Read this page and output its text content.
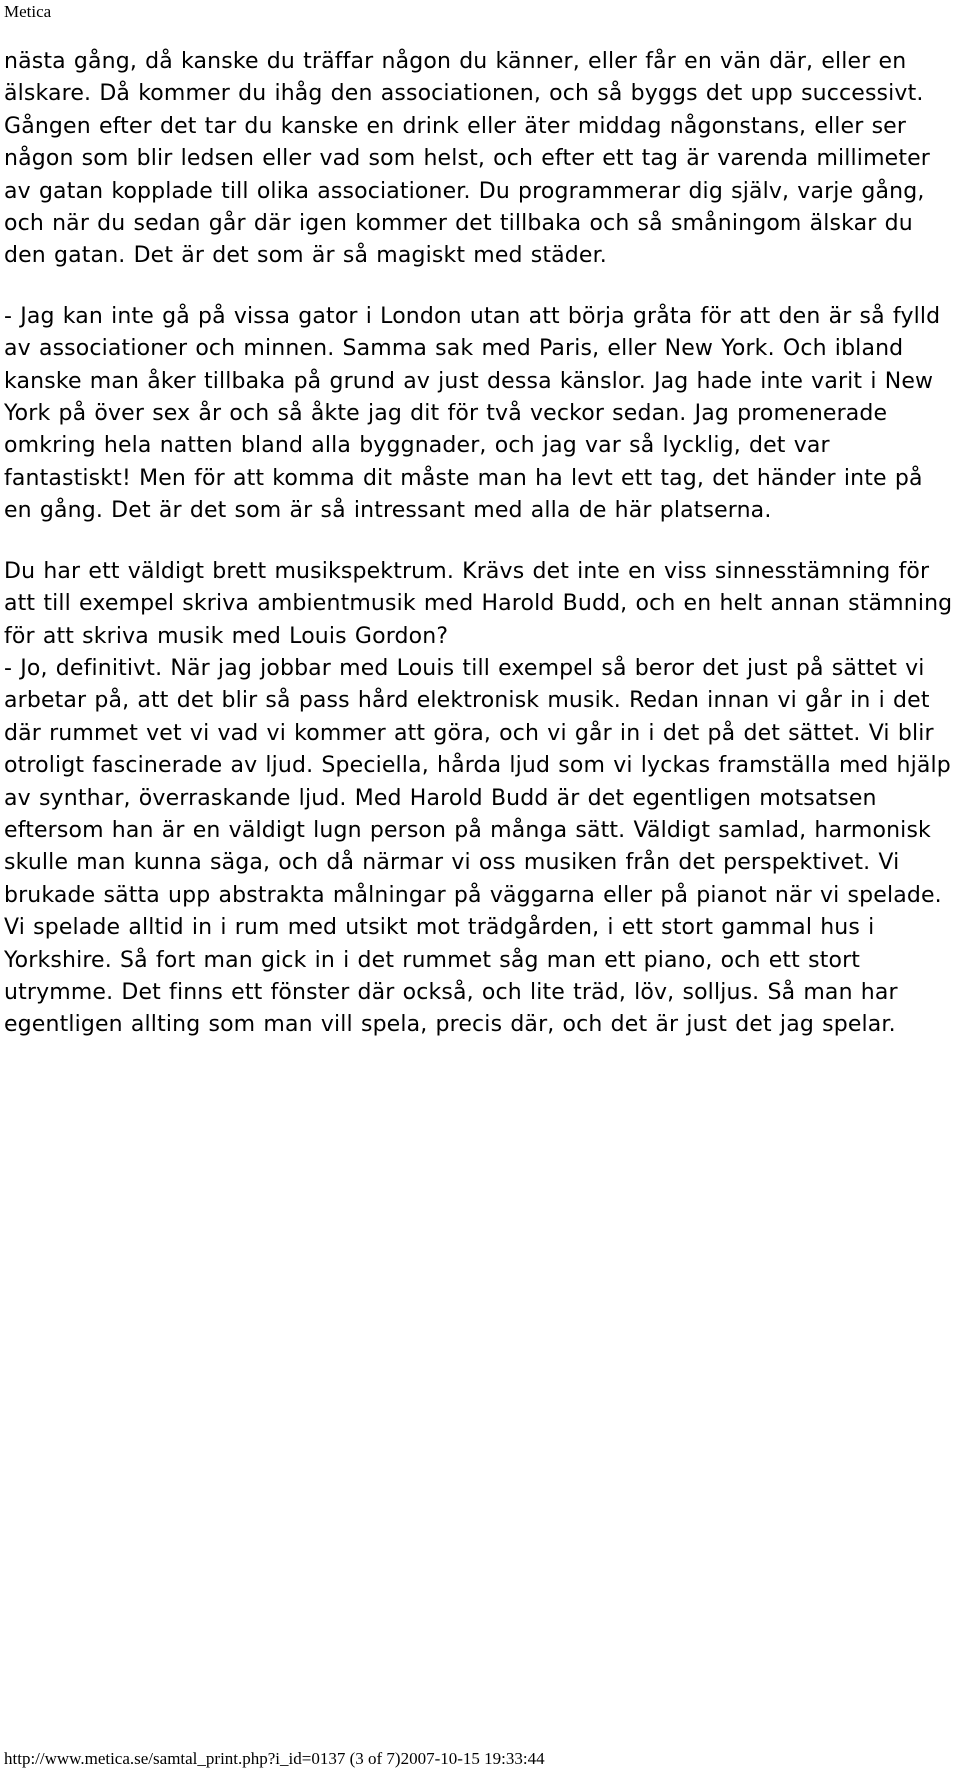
Metica

nästa gång, då kanske du träffar någon du känner, eller får en vän där, eller en älskare. Då kommer du ihåg den associationen, och så byggs det upp successivt. Gången efter det tar du kanske en drink eller äter middag någonstans, eller ser någon som blir ledsen eller vad som helst, och efter ett tag är varenda millimeter av gatan kopplade till olika associationer. Du programmerar dig själv, varje gång, och när du sedan går där igen kommer det tillbaka och så småningom älskar du den gatan. Det är det som är så magiskt med städer.

- Jag kan inte gå på vissa gator i London utan att börja gråta för att den är så fylld av associationer och minnen. Samma sak med Paris, eller New York. Och ibland kanske man åker tillbaka på grund av just dessa känslor. Jag hade inte varit i New York på över sex år och så åkte jag dit för två veckor sedan. Jag promenerade omkring hela natten bland alla byggnader, och jag var så lycklig, det var fantastiskt! Men för att komma dit måste man ha levt ett tag, det händer inte på en gång. Det är det som är så intressant med alla de här platserna.

Du har ett väldigt brett musikspektrum. Krävs det inte en viss sinnesstämning för att till exempel skriva ambientmusik med Harold Budd, och en helt annan stämning för att skriva musik med Louis Gordon?

- Jo, definitivt. När jag jobbar med Louis till exempel så beror det just på sättet vi arbetar på, att det blir så pass hård elektronisk musik. Redan innan vi går in i det där rummet vet vi vad vi kommer att göra, och vi går in i det på det sättet. Vi blir otroligt fascinerade av ljud. Speciella, hårda ljud som vi lyckas framställa med hjälp av synthar, överraskande ljud. Med Harold Budd är det egentligen motsatsen eftersom han är en väldigt lugn person på många sätt. Väldigt samlad, harmonisk skulle man kunna säga, och då närmar vi oss musiken från det perspektivet. Vi brukade sätta upp abstrakta målningar på väggarna eller på pianot när vi spelade. Vi spelade alltid in i rum med utsikt mot trädgården, i ett stort gammal hus i Yorkshire. Så fort man gick in i det rummet såg man ett piano, och ett stort utrymme. Det finns ett fönster där också, och lite träd, löv, solljus. Så man har egentligen allting som man vill spela, precis där, och det är just det jag spelar.

http://www.metica.se/samtal_print.php?i_id=0137 (3 of 7)2007-10-15 19:33:44
